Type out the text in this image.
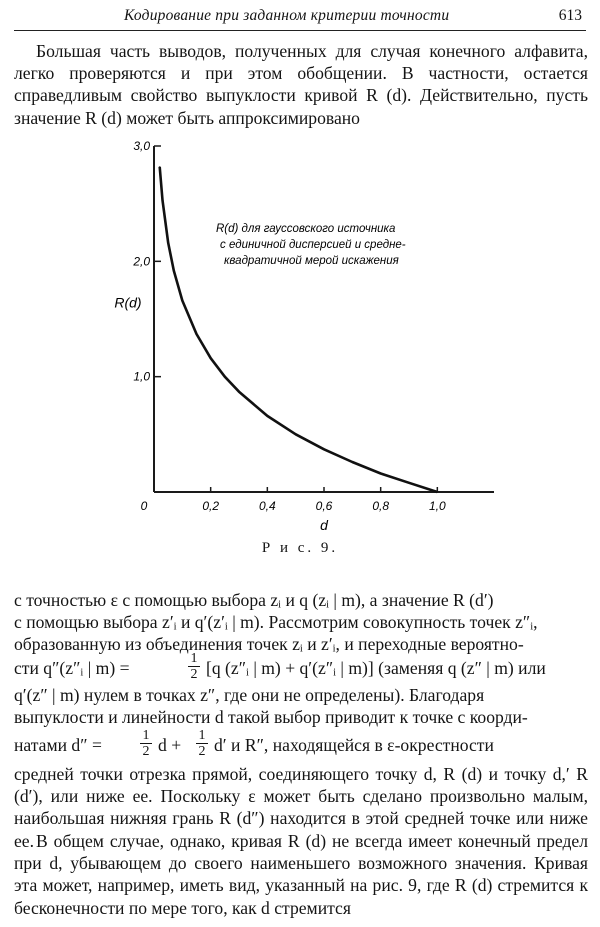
Кодирование при заданном критерии точности	613

Большая часть выводов, полученных для случая конечного алфавита, легко проверяются и при этом обобщении. В частности, остается справедливым свойство выпуклости кривой R (d). Действительно, пусть значение R (d) может быть аппроксимировано

0	0,2	0,4	0,6	0,8	1,0
1,0
2,0
3,0
R(d)
d
R(d) для гауссовского источника
с единичной дисперсией и средне-
квадратичной мерой искажения
Р и с. 9.

с точностью ε с помощью выбора zᵢ и q (zᵢ | m), а значение R (d′)

с помощью выбора z′ᵢ и q′(z′ᵢ | m). Рассмотрим совокупность точек z″ᵢ,

образованную из объединения точек zᵢ и z′ᵢ, и переходные вероятно-

сти q″(z″ᵢ | m) =	$\frac{1}{2} [q$ (z″ᵢ | m) + q′(z″ᵢ | m)] (заменяя q (z″ | m) или

q′(z″ | m) нулем в точках z″, где они не определены). Благодаря

выпуклости и линейности d такой выбор приводит к точке с коорди-

натами d″ =	$\frac{1}{2}$ $d + \frac{1}{2} d'$ и R″, находящейся в ε-окрестности

средней точки отрезка прямой, соединяющего точку d, R (d) и точку d,′ R (d′), или ниже ее. Поскольку ε может быть сделано произвольно малым, наибольшая нижняя грань R (d″) находится в этой средней точке или ниже ее. В общем случае, однако, кривая R (d) не всегда имеет конечный предел при d, убывающем до своего наименьшего возможного значения. Кривая эта может, например, иметь вид, указанный на рис. 9, где R (d) стремится к бесконечности по мере того, как d стремится
